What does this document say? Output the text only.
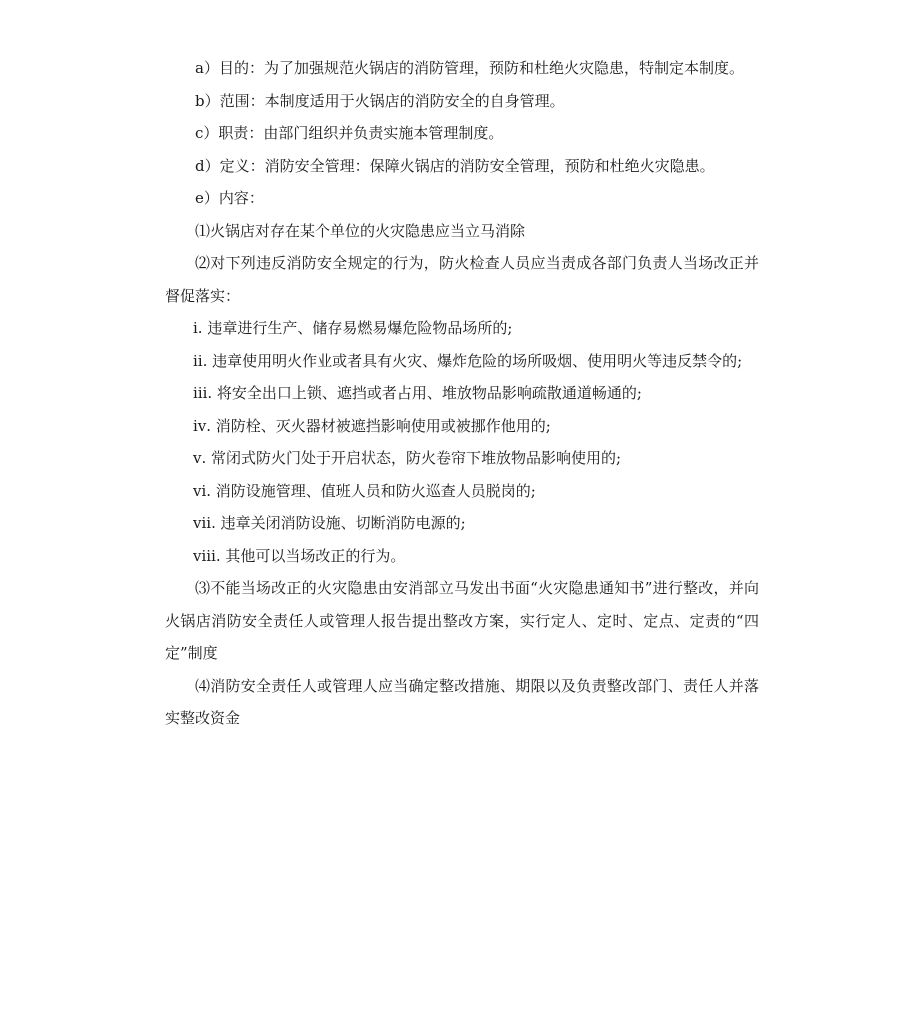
a）目的：为了加强规范火锅店的消防管理，预防和杜绝火灾隐患，特制定本制度。

b）范围：本制度适用于火锅店的消防安全的自身管理。

c）职责：由部门组织并负责实施本管理制度。

d）定义：消防安全管理：保障火锅店的消防安全管理，预防和杜绝火灾隐患。

e）内容：

⑴火锅店对存在某个单位的火灾隐患应当立马消除

⑵对下列违反消防安全规定的行为，防火检查人员应当责成各部门负责人当场改正并督促落实：

ⅰ. 违章进行生产、储存易燃易爆危险物品场所的;

ⅱ. 违章使用明火作业或者具有火灾、爆炸危险的场所吸烟、使用明火等违反禁令的;

ⅲ. 将安全出口上锁、遮挡或者占用、堆放物品影响疏散通道畅通的;

ⅳ. 消防栓、灭火器材被遮挡影响使用或被挪作他用的;

ⅴ. 常闭式防火门处于开启状态，防火卷帘下堆放物品影响使用的;

ⅵ. 消防设施管理、值班人员和防火巡查人员脱岗的;

ⅶ. 违章关闭消防设施、切断消防电源的;

ⅷ. 其他可以当场改正的行为。

⑶不能当场改正的火灾隐患由安消部立马发出书面“火灾隐患通知书”进行整改，并向火锅店消防安全责任人或管理人报告提出整改方案，实行定人、定时、定点、定责的“四定”制度

⑷消防安全责任人或管理人应当确定整改措施、期限以及负责整改部门、责任人并落实整改资金
